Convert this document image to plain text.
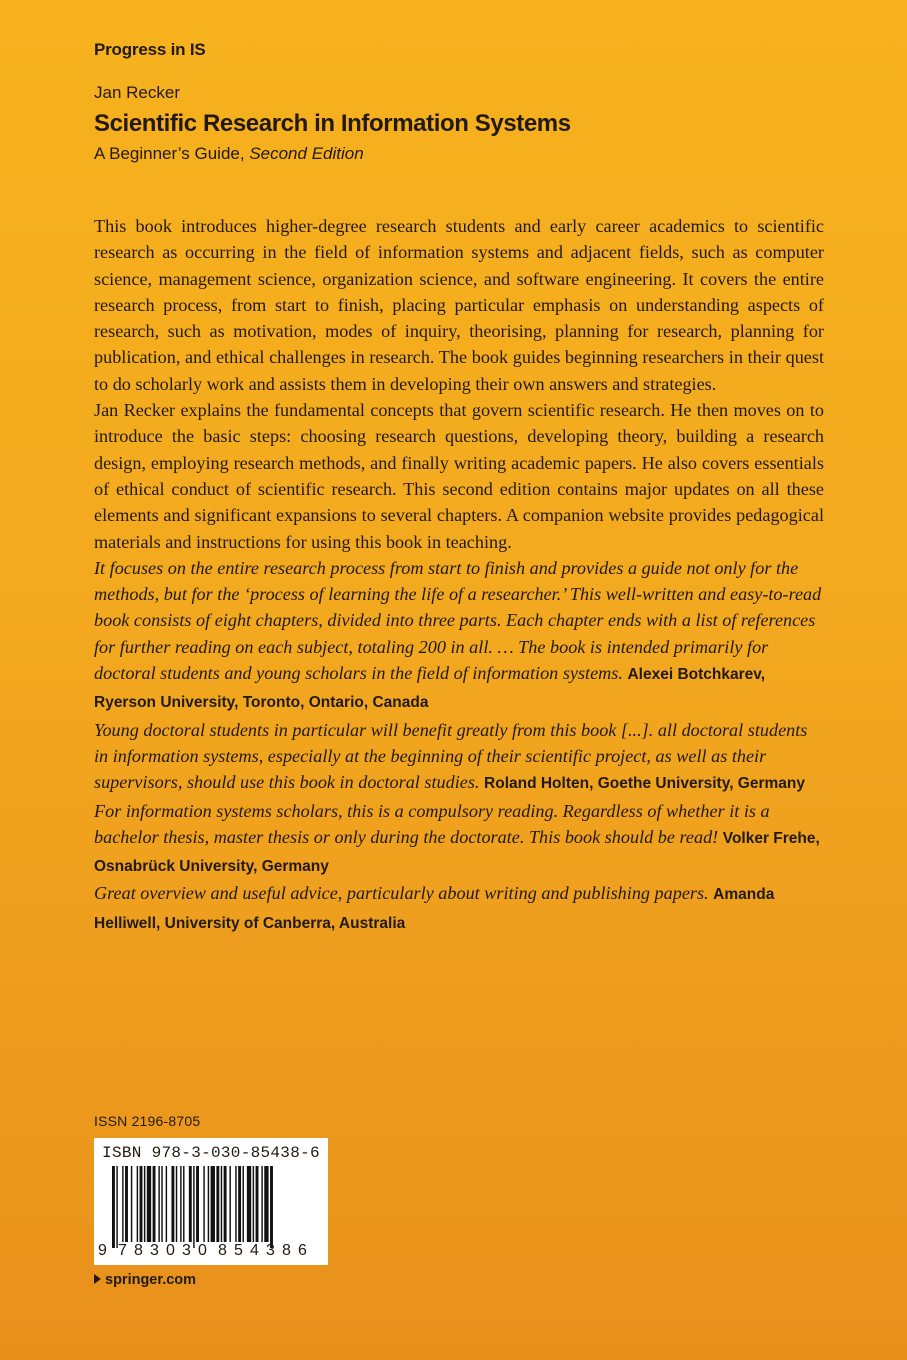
Progress in IS
Jan Recker
Scientific Research in Information Systems
A Beginner’s Guide, Second Edition

This book introduces higher-degree research students and early career academics to scientific research as occurring in the field of information systems and adjacent fields, such as computer science, management science, organization science, and software engineering. It covers the entire research process, from start to finish, placing particular emphasis on understanding aspects of research, such as motivation, modes of inquiry, theorising, planning for research, planning for publication, and ethical challenges in research. The book guides beginning researchers in their quest to do scholarly work and assists them in developing their own answers and strategies.

Jan Recker explains the fundamental concepts that govern scientific research. He then moves on to introduce the basic steps: choosing research questions, developing theory, building a research design, employing research methods, and finally writing academic papers. He also covers essentials of ethical conduct of scientific research. This second edition contains major updates on all these elements and significant expansions to several chapters. A companion website provides pedagogical materials and instructions for using this book in teaching.

It focuses on the entire research process from start to finish and provides a guide not only for the methods, but for the ‘process of learning the life of a researcher.’ This well-written and easy-to-read book consists of eight chapters, divided into three parts. Each chapter ends with a list of references for further reading on each subject, totaling 200 in all. … The book is intended primarily for doctoral students and young scholars in the field of information systems. Alexei Botchkarev, Ryerson University, Toronto, Ontario, Canada

Young doctoral students in particular will benefit greatly from this book [...]. all doctoral students in information systems, especially at the beginning of their scientific project, as well as their supervisors, should use this book in doctoral studies. Roland Holten, Goethe University, Germany

For information systems scholars, this is a compulsory reading. Regardless of whether it is a bachelor thesis, master thesis or only during the doctorate. This book should be read! Volker Frehe, Osnabrück University, Germany

Great overview and useful advice, particularly about writing and publishing papers. Amanda Helliwell, University of Canberra, Australia

ISSN 2196-8705
ISBN 978-3-030-85438-6
9 7 8 3 0 3 0 8 5 4 3 8 6
springer.com
